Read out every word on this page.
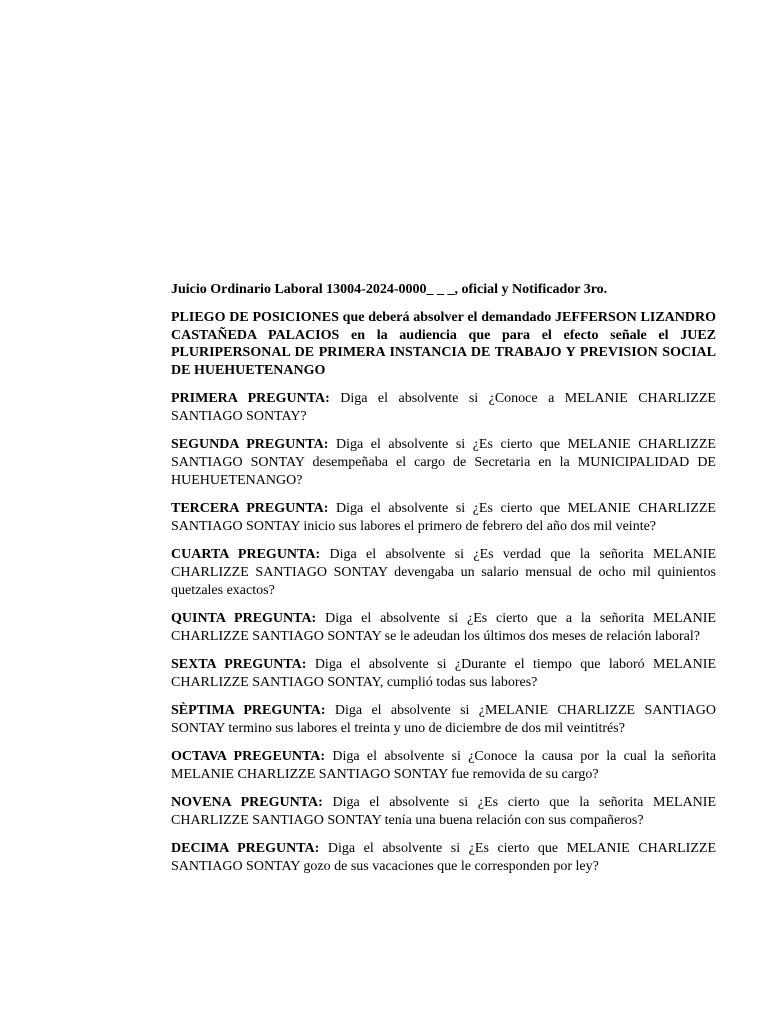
Juicio Ordinario Laboral 13004-2024-0000_ _ _, oficial y Notificador 3ro.

PLIEGO DE POSICIONES que deberá absolver el demandado JEFFERSON LIZANDRO CASTAÑEDA PALACIOS en la audiencia que para el efecto señale el JUEZ PLURIPERSONAL DE PRIMERA INSTANCIA DE TRABAJO Y PREVISION SOCIAL DE HUEHUETENANGO

PRIMERA PREGUNTA: Diga el absolvente si ¿Conoce a MELANIE CHARLIZZE SANTIAGO SONTAY?

SEGUNDA PREGUNTA: Diga el absolvente si ¿Es cierto que MELANIE CHARLIZZE SANTIAGO SONTAY desempeñaba el cargo de Secretaria en la MUNICIPALIDAD DE HUEHUETENANGO?

TERCERA PREGUNTA: Diga el absolvente si ¿Es cierto que MELANIE CHARLIZZE SANTIAGO SONTAY inicio sus labores el primero de febrero del año dos mil veinte?

CUARTA PREGUNTA: Diga el absolvente si ¿Es verdad que la señorita MELANIE CHARLIZZE SANTIAGO SONTAY devengaba un salario mensual de ocho mil quinientos quetzales exactos?

QUINTA PREGUNTA: Diga el absolvente si ¿Es cierto que a la señorita MELANIE CHARLIZZE SANTIAGO SONTAY se le adeudan los últimos dos meses de relación laboral?

SEXTA PREGUNTA: Diga el absolvente si ¿Durante el tiempo que laboró MELANIE CHARLIZZE SANTIAGO SONTAY, cumplió todas sus labores?

SÈPTIMA PREGUNTA: Diga el absolvente si ¿MELANIE CHARLIZZE SANTIAGO SONTAY termino sus labores el treinta y uno de diciembre de dos mil veintitrés?

OCTAVA PREGEUNTA: Diga el absolvente si ¿Conoce la causa por la cual la señorita MELANIE CHARLIZZE SANTIAGO SONTAY fue removida de su cargo?

NOVENA PREGUNTA: Diga el absolvente si ¿Es cierto que la señorita MELANIE CHARLIZZE SANTIAGO SONTAY tenía una buena relación con sus compañeros?

DECIMA PREGUNTA: Diga el absolvente si ¿Es cierto que MELANIE CHARLIZZE SANTIAGO SONTAY gozo de sus vacaciones que le corresponden por ley?
